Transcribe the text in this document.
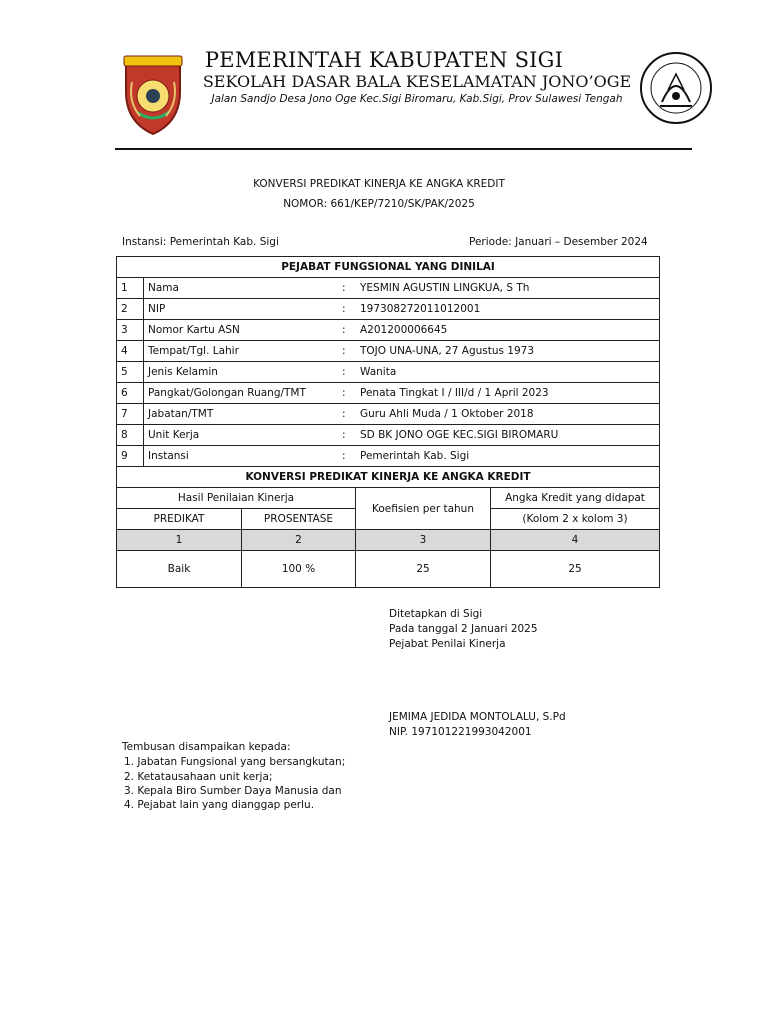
PEMERINTAH KABUPATEN SIGI
SEKOLAH DASAR BALA KESELAMATAN JONO’OGE
Jalan Sandjo Desa Jono Oge Kec.Sigi Biromaru, Kab.Sigi, Prov Sulawesi Tengah
KONVERSI PREDIKAT KINERJA KE ANGKA KREDIT
NOMOR: 661/KEP/7210/SK/PAK/2025
Instansi: Pemerintah Kab. Sigi	Periode: Januari – Desember 2024
PEJABAT FUNGSIONAL YANG DINILAI			
1	Nama	:	YESMIN AGUSTIN LINGKUA, S Th
2	NIP	:	197308272011012001
3	Nomor Kartu ASN	:	A201200006645
4	Tempat/Tgl. Lahir	:	TOJO UNA-UNA, 27 Agustus 1973
5	Jenis Kelamin	:	Wanita
6	Pangkat/Golongan Ruang/TMT	:	Penata Tingkat I / III/d / 1 April 2023
7	Jabatan/TMT	:	Guru Ahli Muda / 1 Oktober 2018
8	Unit Kerja	:	SD BK JONO OGE KEC.SIGI BIROMARU
9	Instansi	:	Pemerintah Kab. Sigi
KONVERSI PREDIKAT KINERJA KE ANGKA KREDIT			
Hasil Penilaian Kinerja		Koefisien per tahun	Angka Kredit yang didapat
PREDIKAT	PROSENTASE		(Kolom 2 x kolom 3)
1	2	3	4
Baik	100 %	25	25
Ditetapkan di Sigi
Pada tanggal 2 Januari 2025
Pejabat Penilai Kinerja
JEMIMA JEDIDA MONTOLALU, S.Pd
NIP. 197101221993042001
Tembusan disampaikan kepada:
1. Jabatan Fungsional yang bersangkutan;
2. Ketatausahaan unit kerja;
3. Kepala Biro Sumber Daya Manusia dan
4. Pejabat lain yang dianggap perlu.
